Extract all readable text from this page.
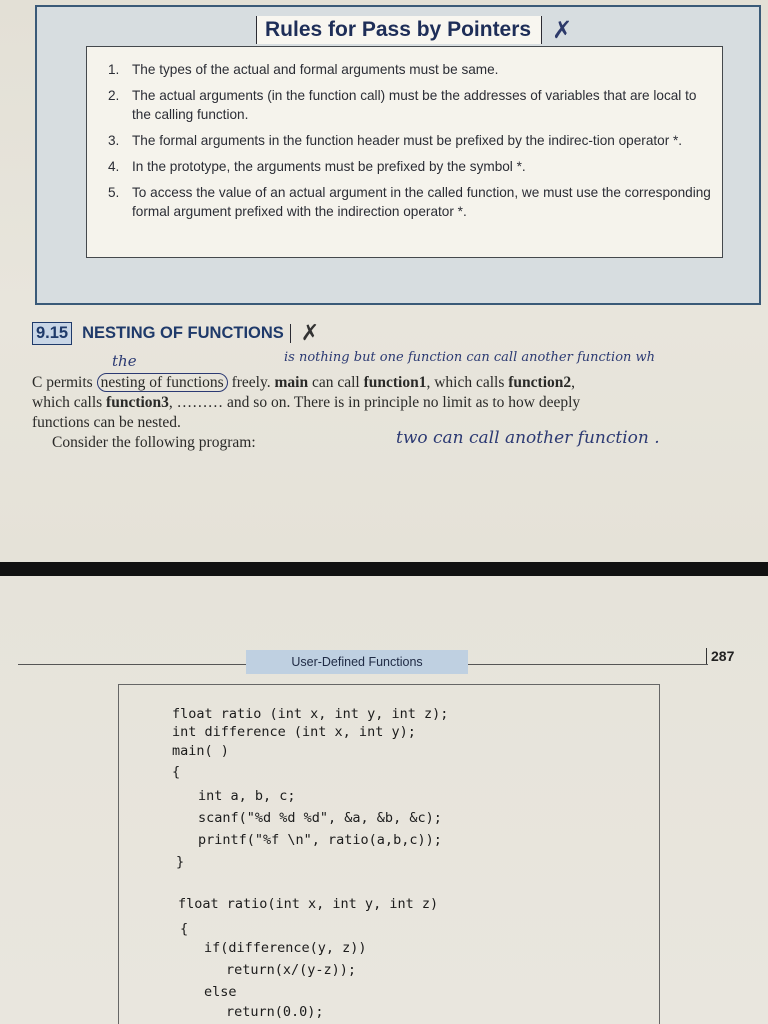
Rules for Pass by Pointers ✗
1. The types of the actual and formal arguments must be same.
2. The actual arguments (in the function call) must be the addresses of variables that are local to the calling function.
3. The formal arguments in the function header must be prefixed by the indirec-tion operator *.
4. In the prototype, the arguments must be prefixed by the symbol *.
5. To access the value of an actual argument in the called function, we must use the corresponding formal argument prefixed with the indirection operator *.
9.15 NESTING OF FUNCTIONS ✗
the	is nothing but one function can call another function wh
C permits nesting of functions freely. main can call function1, which calls function2,
which calls function3, ……… and so on. There is in principle no limit as to how deeply
functions can be nested.
Consider the following program:	two can call another function .
User-Defined Functions	287
float ratio (int x, int y, int z);
int difference (int x, int y);
main( )
{
int a, b, c;
scanf("%d %d %d", &a, &b, &c);
printf("%f \n", ratio(a,b,c));
}
float ratio(int x, int y, int z)
{
if(difference(y, z))
return(x/(y-z));
else
return(0.0);
